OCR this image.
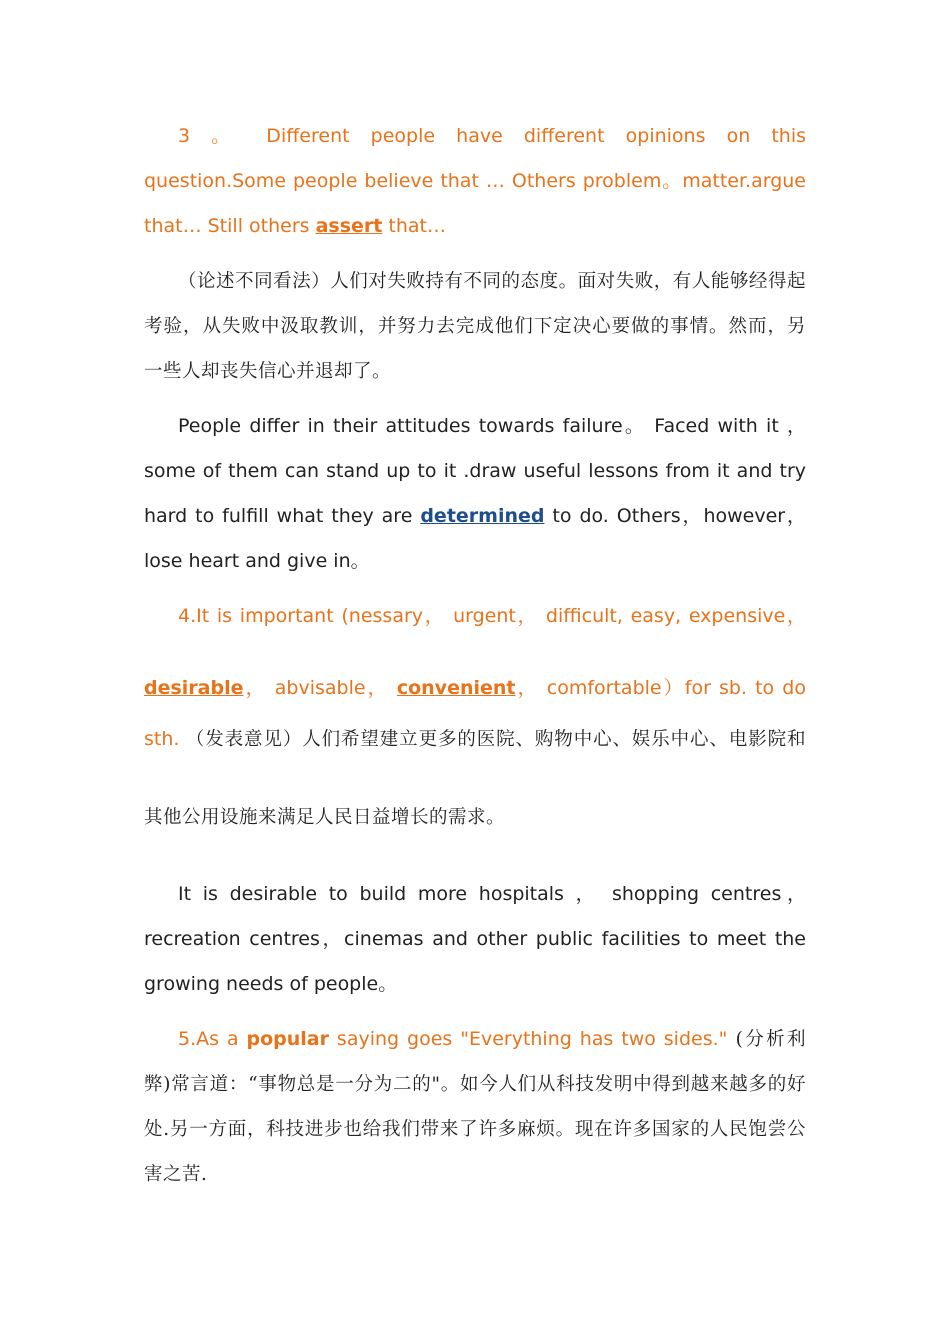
3 。 Different people have different opinions on this question.Some people believe that … Others problem。matter.argue that… Still others assert that…

（论述不同看法）人们对失败持有不同的态度。面对失败，有人能够经得起考验，从失败中汲取教训，并努力去完成他们下定决心要做的事情。然而，另一些人却丧失信心并退却了。

People differ in their attitudes towards failure。 Faced with it ，some of them can stand up to it .draw useful lessons from it and try hard to fulfill what they are determined to do. Others，however，lose heart and give in。

4.It is important (nessary， urgent， difficult, easy, expensive，

desirable， abvisable， convenient， comfortable）for sb. to do

sth. （发表意见）人们希望建立更多的医院、购物中心、娱乐中心、电影院和

其他公用设施来满足人民日益增长的需求。

It is desirable to build more hospitals ， shopping centres，recreation centres，cinemas and other public facilities to meet the growing needs of people。

5.As a popular saying goes "Everything has two sides." (分析利弊)常言道：“事物总是一分为二的"。如今人们从科技发明中得到越来越多的好处.另一方面，科技进步也给我们带来了许多麻烦。现在许多国家的人民饱尝公害之苦.
